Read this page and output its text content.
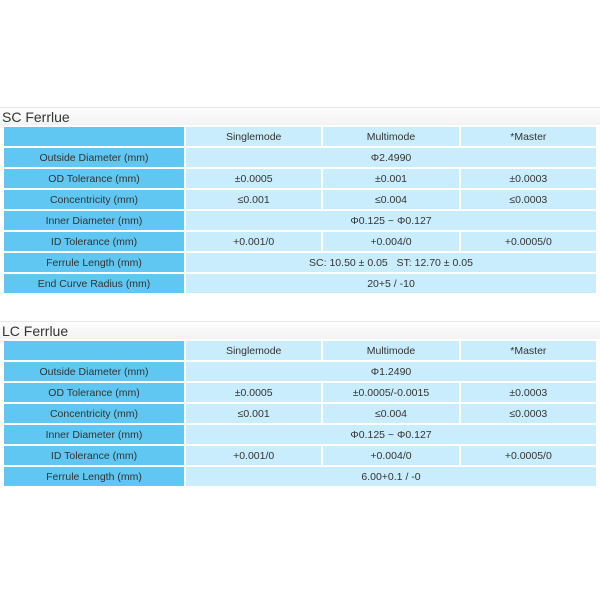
SC Ferrlue
	Singlemode	Multimode	*Master
Outside Diameter (mm)	Φ2.4990		
OD Tolerance (mm)	±0.0005	±0.001	±0.0003
Concentricity (mm)	≤0.001	≤0.004	≤0.0003
Inner Diameter (mm)	Φ0.125 ~ Φ0.127		
ID Tolerance (mm)	+0.001/0	+0.004/0	+0.0005/0
Ferrule Length (mm)	SC: 10.50 ± 0.05   ST: 12.70 ± 0.05		
End Curve Radius (mm)	20+5 / -10		
LC Ferrlue
	Singlemode	Multimode	*Master
Outside Diameter (mm)	Φ1.2490		
OD Tolerance (mm)	±0.0005	±0.0005/-0.0015	±0.0003
Concentricity (mm)	≤0.001	≤0.004	≤0.0003
Inner Diameter (mm)	Φ0.125 ~ Φ0.127		
ID Tolerance (mm)	+0.001/0	+0.004/0	+0.0005/0
Ferrule Length (mm)	6.00+0.1 / -0		
